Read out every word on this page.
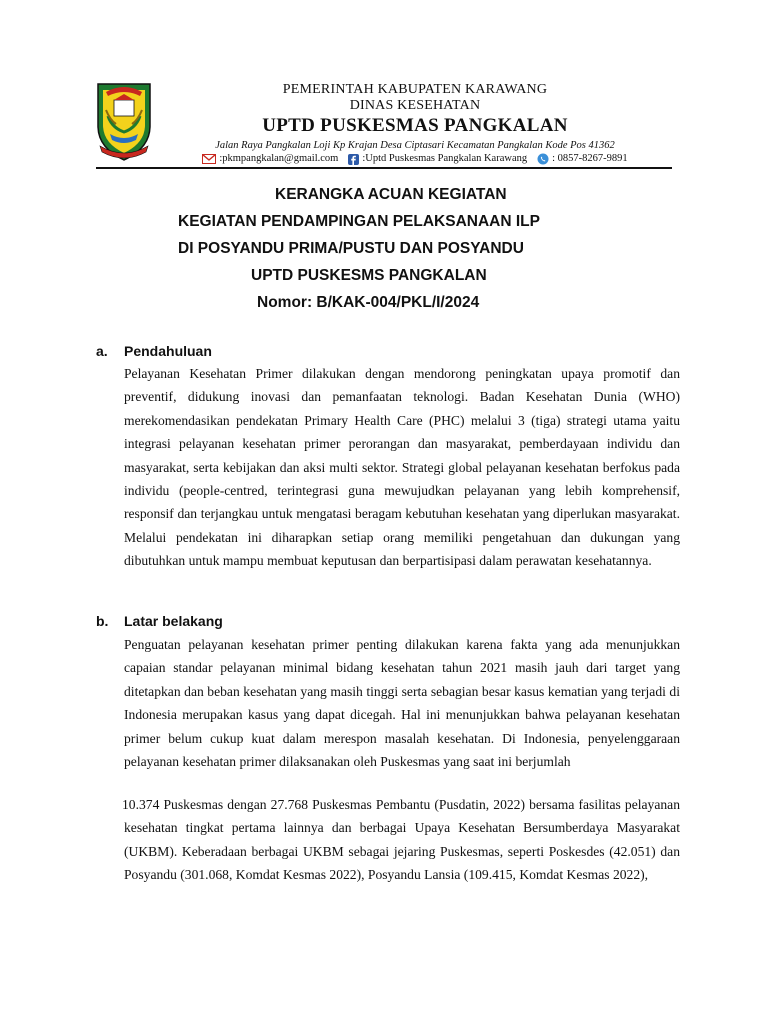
PEMERINTAH KABUPATEN KARAWANG
DINAS KESEHATAN
UPTD PUSKESMAS PANGKALAN
Jalan Raya Pangkalan Loji Kp Krajan Desa Ciptasari Kecamatan Pangkalan Kode Pos 41362
:pkmpangkalan@gmail.com :Uptd Puskesmas Pangkalan Karawang : 0857-8267-9891
KERANGKA ACUAN KEGIATAN
KEGIATAN PENDAMPINGAN PELAKSANAAN ILP
DI POSYANDU PRIMA/PUSTU DAN POSYANDU
UPTD PUSKESMS PANGKALAN
Nomor: B/KAK-004/PKL/I/2024
a. Pendahuluan

Pelayanan Kesehatan Primer dilakukan dengan mendorong peningkatan upaya promotif dan preventif, didukung inovasi dan pemanfaatan teknologi. Badan Kesehatan Dunia (WHO) merekomendasikan pendekatan Primary Health Care (PHC) melalui 3 (tiga) strategi utama yaitu integrasi pelayanan kesehatan primer perorangan dan masyarakat, pemberdayaan individu dan masyarakat, serta kebijakan dan aksi multi sektor. Strategi global pelayanan kesehatan berfokus pada individu (people-centred, terintegrasi guna mewujudkan pelayanan yang lebih komprehensif, responsif dan terjangkau untuk mengatasi beragam kebutuhan kesehatan yang diperlukan masyarakat. Melalui pendekatan ini diharapkan setiap orang memiliki pengetahuan dan dukungan yang dibutuhkan untuk mampu membuat keputusan dan berpartisipasi dalam perawatan kesehatannya.

b. Latar belakang

Penguatan pelayanan kesehatan primer penting dilakukan karena fakta yang ada menunjukkan capaian standar pelayanan minimal bidang kesehatan tahun 2021 masih jauh dari target yang ditetapkan dan beban kesehatan yang masih tinggi serta sebagian besar kasus kematian yang terjadi di Indonesia merupakan kasus yang dapat dicegah. Hal ini menunjukkan bahwa pelayanan kesehatan primer belum cukup kuat dalam merespon masalah kesehatan. Di Indonesia, penyelenggaraan pelayanan kesehatan primer dilaksanakan oleh Puskesmas yang saat ini berjumlah

10.374 Puskesmas dengan 27.768 Puskesmas Pembantu (Pusdatin, 2022) bersama fasilitas pelayanan kesehatan tingkat pertama lainnya dan berbagai Upaya Kesehatan Bersumberdaya Masyarakat (UKBM). Keberadaan berbagai UKBM sebagai jejaring Puskesmas, seperti Poskesdes (42.051) dan Posyandu (301.068, Komdat Kesmas 2022), Posyandu Lansia (109.415, Komdat Kesmas 2022),
